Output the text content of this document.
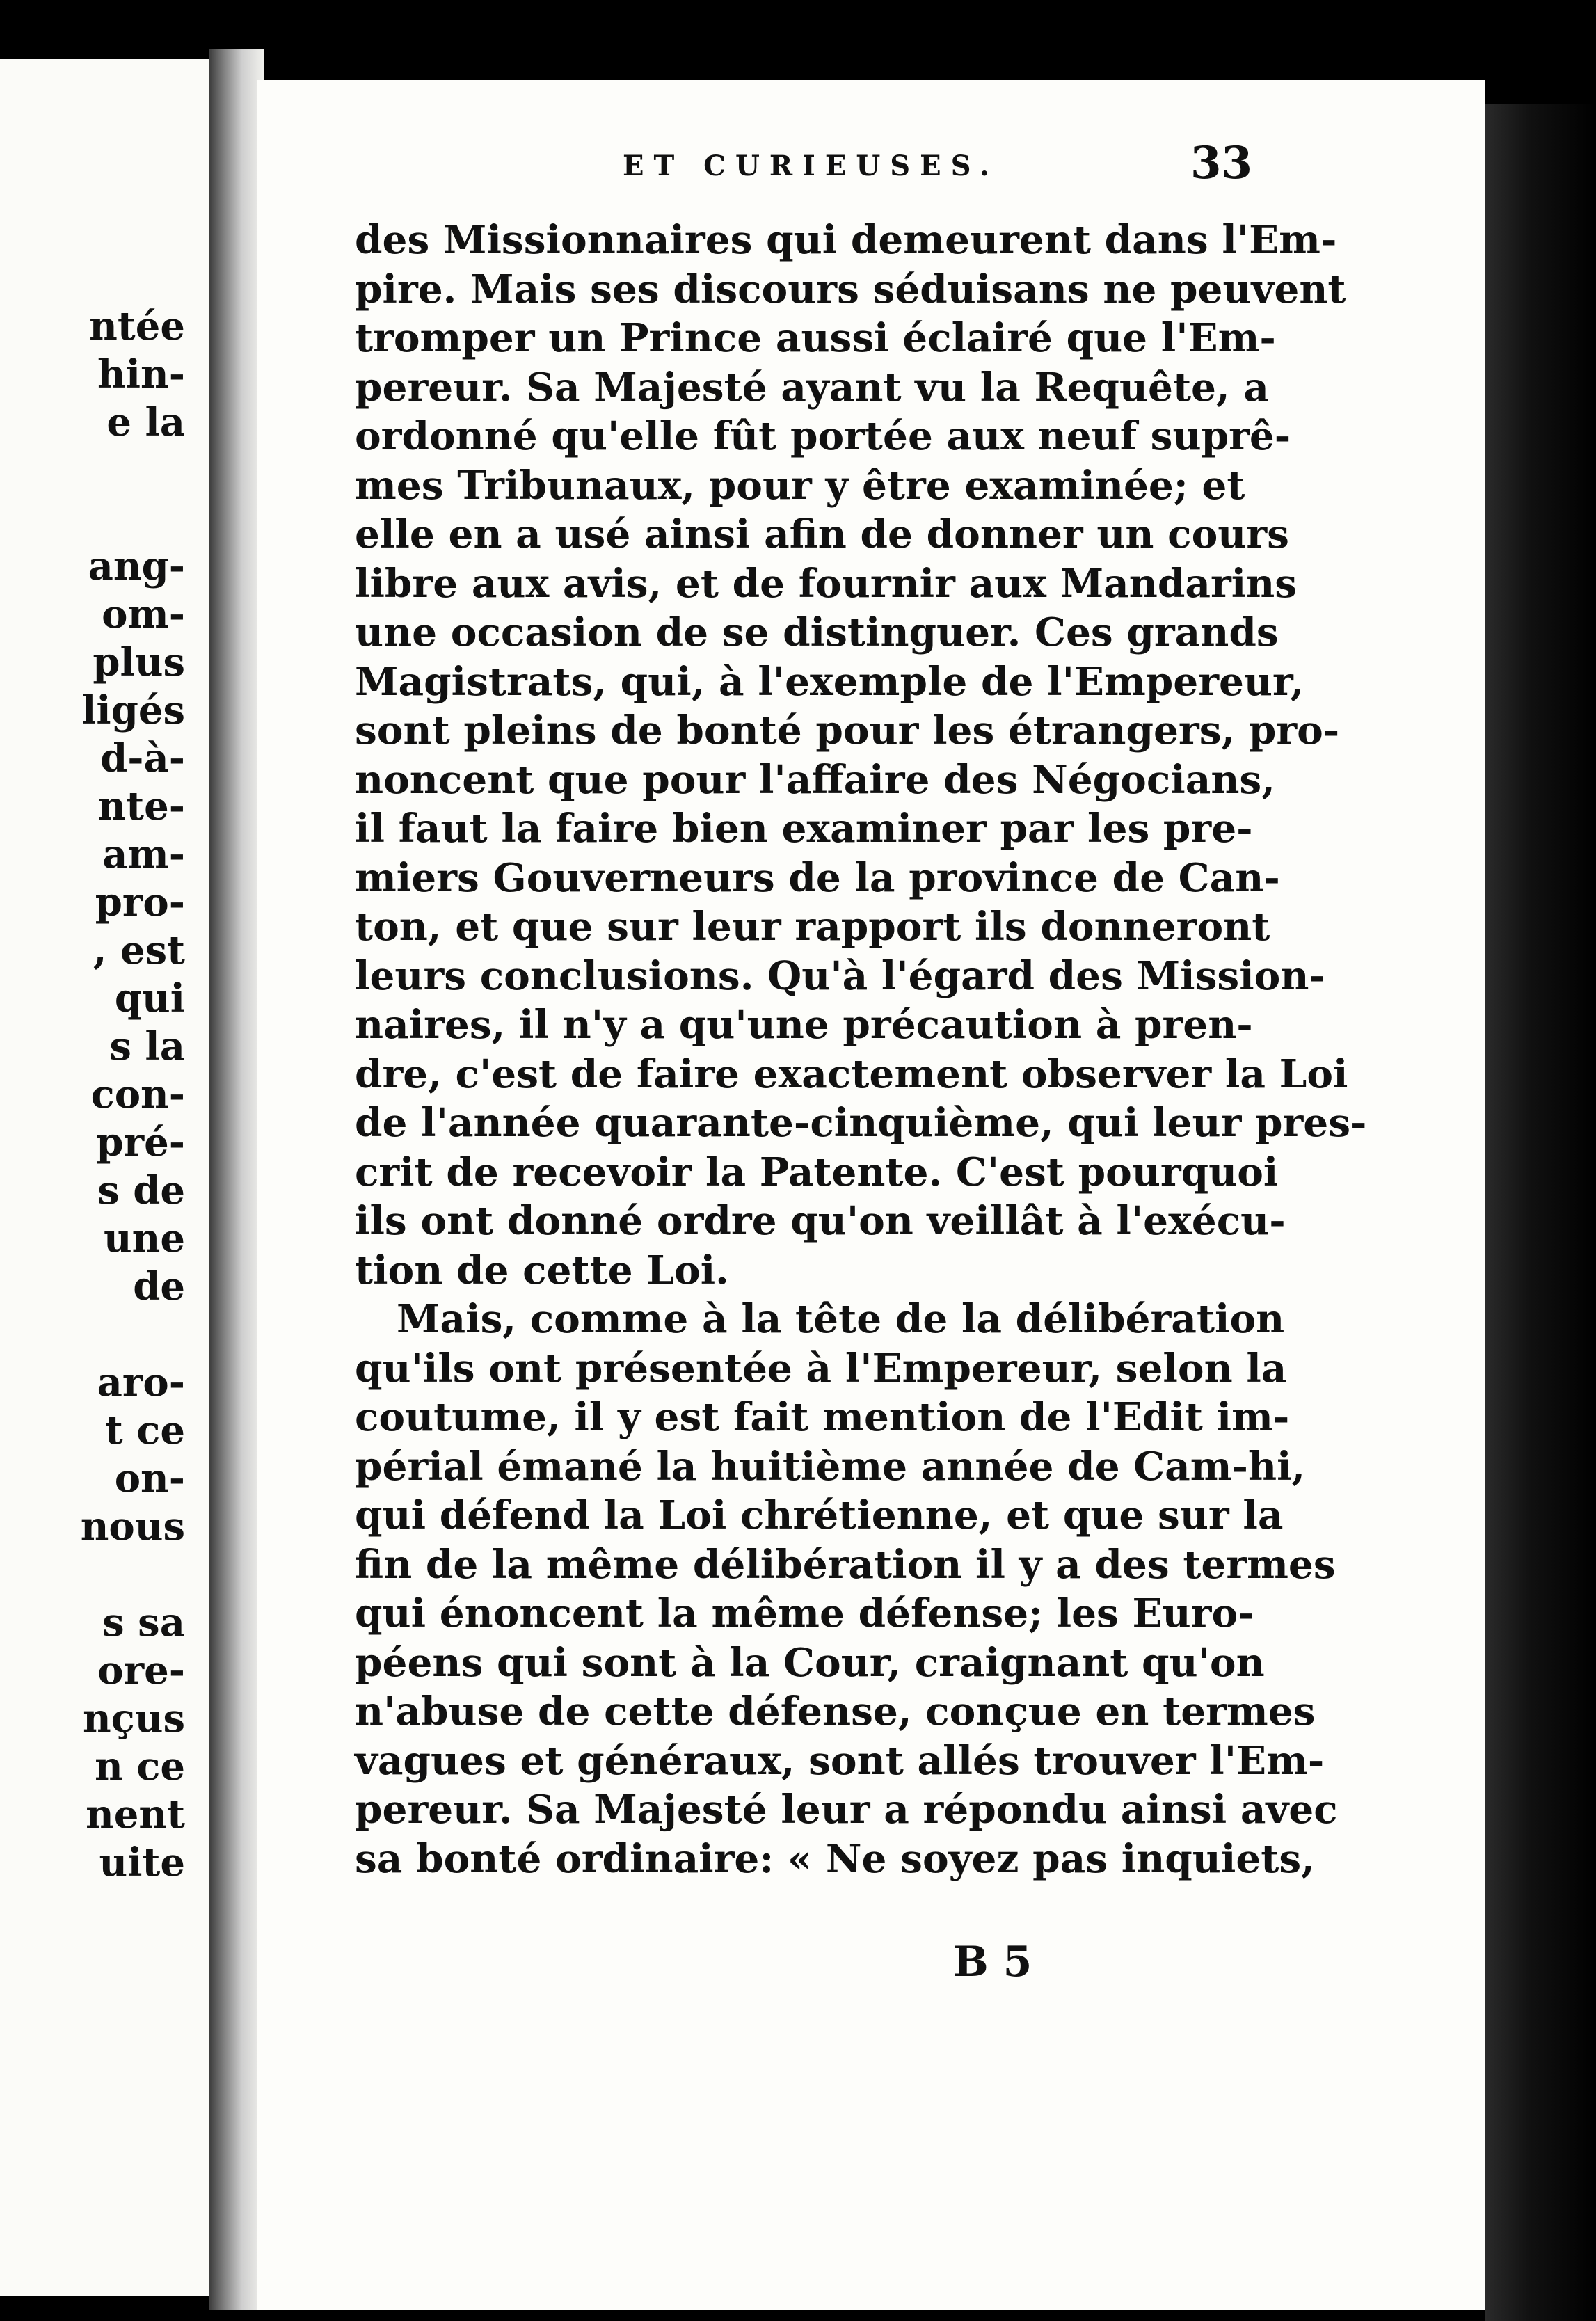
ntée
hin-
e la
ang-
om-
plus
ligés
d-à-
nte-
am-
pro-
, est
qui
s la
con-
pré-
s de
une
de
aro-
t ce
on-
nous
s sa
ore-
nçus
n ce
nent
uite
ET CURIEUSES.	33
des Missionnaires qui demeurent dans l'Em-
pire. Mais ses discours séduisans ne peuvent
tromper un Prince aussi éclairé que l'Em-
pereur. Sa Majesté ayant vu la Requête, a
ordonné qu'elle fût portée aux neuf suprê-
mes Tribunaux, pour y être examinée; et
elle en a usé ainsi afin de donner un cours
libre aux avis, et de fournir aux Mandarins
une occasion de se distinguer. Ces grands
Magistrats, qui, à l'exemple de l'Empereur,
sont pleins de bonté pour les étrangers, pro-
noncent que pour l'affaire des Négocians,
il faut la faire bien examiner par les pre-
miers Gouverneurs de la province de Can-
ton, et que sur leur rapport ils donneront
leurs conclusions. Qu'à l'égard des Mission-
naires, il n'y a qu'une précaution à pren-
dre, c'est de faire exactement observer la Loi
de l'année quarante-cinquième, qui leur pres-
crit de recevoir la Patente. C'est pourquoi
ils ont donné ordre qu'on veillât à l'exécu-
tion de cette Loi.
Mais, comme à la tête de la délibération
qu'ils ont présentée à l'Empereur, selon la
coutume, il y est fait mention de l'Edit im-
périal émané la huitième année de Cam-hi,
qui défend la Loi chrétienne, et que sur la
fin de la même délibération il y a des termes
qui énoncent la même défense; les Euro-
péens qui sont à la Cour, craignant qu'on
n'abuse de cette défense, conçue en termes
vagues et généraux, sont allés trouver l'Em-
pereur. Sa Majesté leur a répondu ainsi avec
sa bonté ordinaire: « Ne soyez pas inquiets,
B 5
